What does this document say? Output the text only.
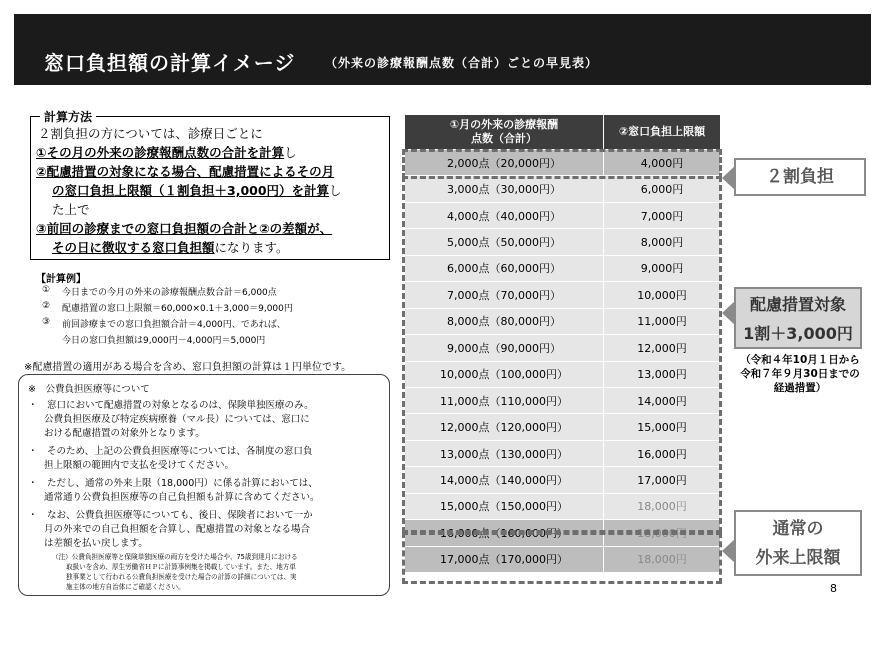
窓口負担額の計算イメージ （外来の診療報酬点数（合計）ごとの早見表）
計算方法
２割負担の方については、診療日ごとに
①その月の外来の診療報酬点数の合計を計算し
②配慮措置の対象になる場合、配慮措置によるその月
の窓口負担上限額（１割負担＋3,000円）を計算し
た上で
③前回の診療までの窓口負担額の合計と②の差額が、
その日に徴収する窓口負担額になります。
【計算例】
① 今日までの今月の外来の診療報酬点数合計＝6,000点
② 配慮措置の窓口上限額＝60,000×0.1＋3,000＝9,000円
③ 前回診療までの窓口負担額合計＝4,000円、であれば、
今日の窓口負担額は9,000円－4,000円＝5,000円
※配慮措置の適用がある場合を含め、窓口負担額の計算は１円単位です。
※　公費負担医療等について
・　窓口において配慮措置の対象となるのは、保険単独医療のみ。
公費負担医療及び特定疾病療養（マル長）については、窓口に
おける配慮措置の対象外となります。
・　そのため、上記の公費負担医療等については、各制度の窓口負
担上限額の範囲内で支払を受けてください。
・　ただし、通常の外来上限（18,000円）に係る計算においては、
通常通り公費負担医療等の自己負担額も計算に含めてください。
・　なお、公費負担医療等についても、後日、保険者において一か
月の外来での自己負担額を合算し、配慮措置の対象となる場合
は差額を払い戻します。
（注）公費負担医療等と保険単独医療の両方を受けた場合や、75歳到達月における
取扱いを含め、厚生労働省ＨＰに計算事例集を掲載しています。また、地方単
独事業として行われる公費負担医療を受けた場合の計算の詳細については、実
施主体の地方自治体にご確認ください。
①月の外来の診療報酬
点数（合計）	②窓口負担上限額
2,000点（20,000円）	4,000円
3,000点（30,000円）	6,000円
4,000点（40,000円）	7,000円
5,000点（50,000円）	8,000円
6,000点（60,000円）	9,000円
7,000点（70,000円）	10,000円
8,000点（80,000円）	11,000円
9,000点（90,000円）	12,000円
10,000点（100,000円）	13,000円
11,000点（110,000円）	14,000円
12,000点（120,000円）	15,000円
13,000点（130,000円）	16,000円
14,000点（140,000円）	17,000円
15,000点（150,000円）	18,000円
16,000点（160,000円）	18,000円
17,000点（170,000円）	18,000円
２割負担
配慮措置対象
1割＋3,000円
（令和４年10月１日から
令和７年９月30日までの
経過措置）
通常の
外来上限額
8
